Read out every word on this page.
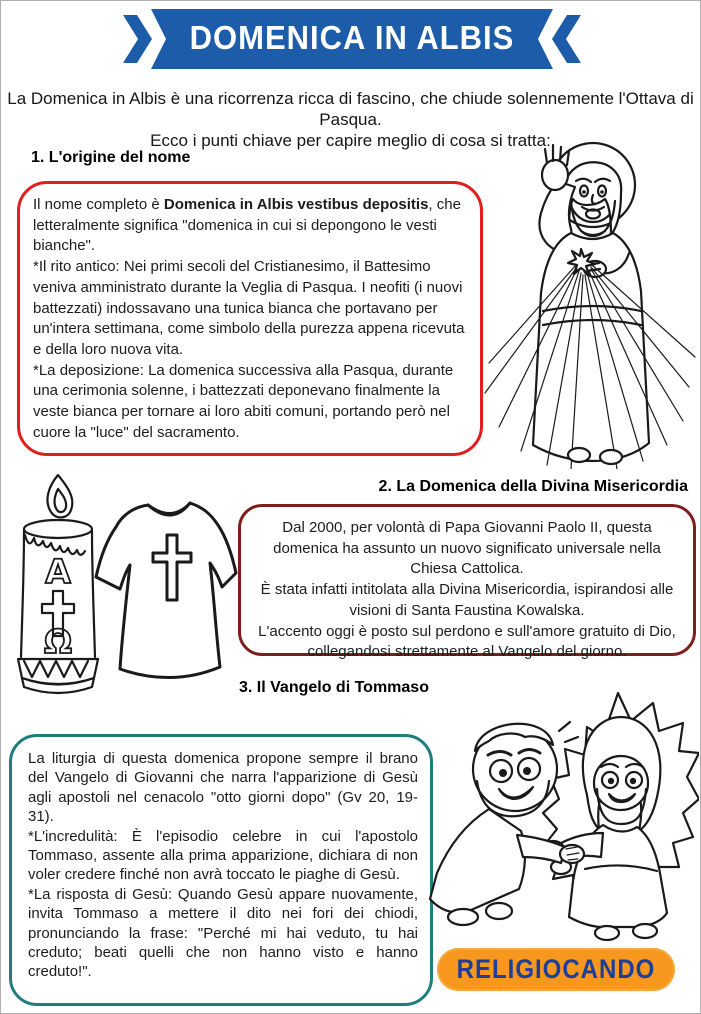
DOMENICA IN ALBIS
La Domenica in Albis è una ricorrenza ricca di fascino, che chiude solennemente l'Ottava di Pasqua.
Ecco i punti chiave per capire meglio di cosa si tratta:
1. L'origine del nome

Il nome completo è Domenica in Albis vestibus depositis, che letteralmente significa "domenica in cui si depongono le vesti bianche".

*Il rito antico: Nei primi secoli del Cristianesimo, il Battesimo veniva amministrato durante la Veglia di Pasqua. I neofiti (i nuovi battezzati) indossavano una tunica bianca che portavano per un'intera settimana, come simbolo della purezza appena ricevuta e della loro nuova vita.

*La deposizione: La domenica successiva alla Pasqua, durante una cerimonia solenne, i battezzati deponevano finalmente la veste bianca per tornare ai loro abiti comuni, portando però nel cuore la "luce" del sacramento.

2. La Domenica della Divina Misericordia

Dal 2000, per volontà di Papa Giovanni Paolo II, questa domenica ha assunto un nuovo significato universale nella Chiesa Cattolica.

È stata infatti intitolata alla Divina Misericordia, ispirandosi alle visioni di Santa Faustina Kowalska.

L'accento oggi è posto sul perdono e sull'amore gratuito di Dio, collegandosi strettamente al Vangelo del giorno.

Α
Ω
3. Il Vangelo di Tommaso

La liturgia di questa domenica propone sempre il brano del Vangelo di Giovanni che narra l'apparizione di Gesù agli apostoli nel cenacolo "otto giorni dopo" (Gv 20, 19-31).

*L'incredulità: È l'episodio celebre in cui l'apostolo Tommaso, assente alla prima apparizione, dichiara di non voler credere finché non avrà toccato le piaghe di Gesù.

*La risposta di Gesù: Quando Gesù appare nuovamente, invita Tommaso a mettere il dito nei fori dei chiodi, pronunciando la frase: "Perché mi hai veduto, tu hai creduto; beati quelli che non hanno visto e hanno creduto!".	RELIGIOCANDO
